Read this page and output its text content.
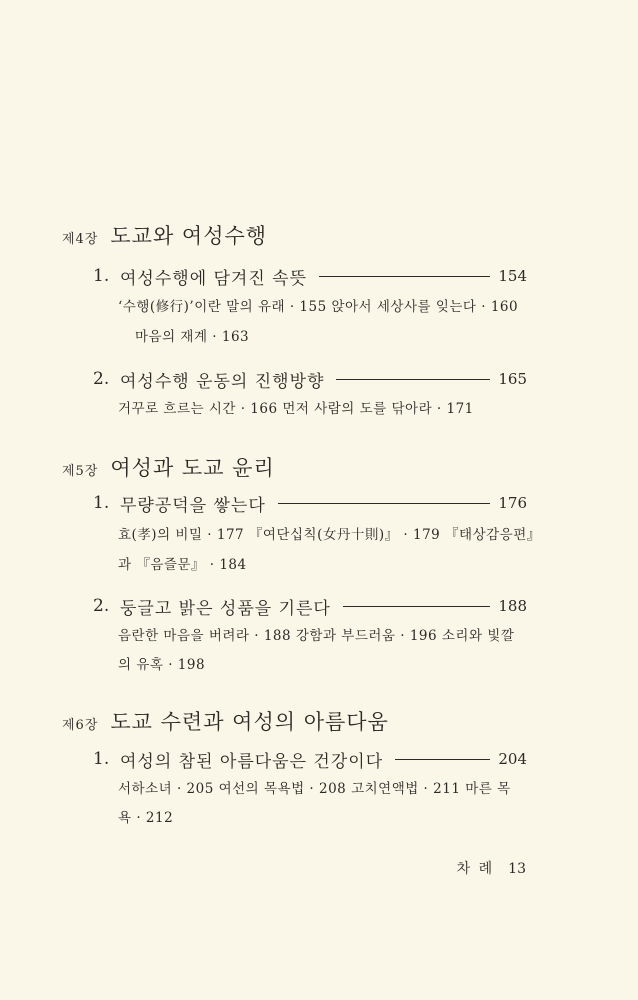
제4장 도교와 여성수행
1. 여성수행에 담겨진 속뜻	154
‘수행(修行)’이란 말의 유래 · 155 앉아서 세상사를 잊는다 · 160
마음의 재계 · 163
2. 여성수행 운동의 진행방향	165
거꾸로 흐르는 시간 · 166 먼저 사람의 도를 닦아라 · 171
제5장 여성과 도교 윤리
1. 무량공덕을 쌓는다	176
효(孝)의 비밀 · 177 『여단십칙(女丹十則)』 · 179 『태상감응편』
과 『음즐문』 · 184
2. 둥글고 밝은 성품을 기른다	188
음란한 마음을 버려라 · 188 강함과 부드러움 · 196 소리와 빛깔
의 유혹 · 198
제6장 도교 수련과 여성의 아름다움
1. 여성의 참된 아름다움은 건강이다	204
서하소녀 · 205 여선의 목욕법 · 208 고치연액법 · 211 마른 목
욕 · 212
차 례 13
